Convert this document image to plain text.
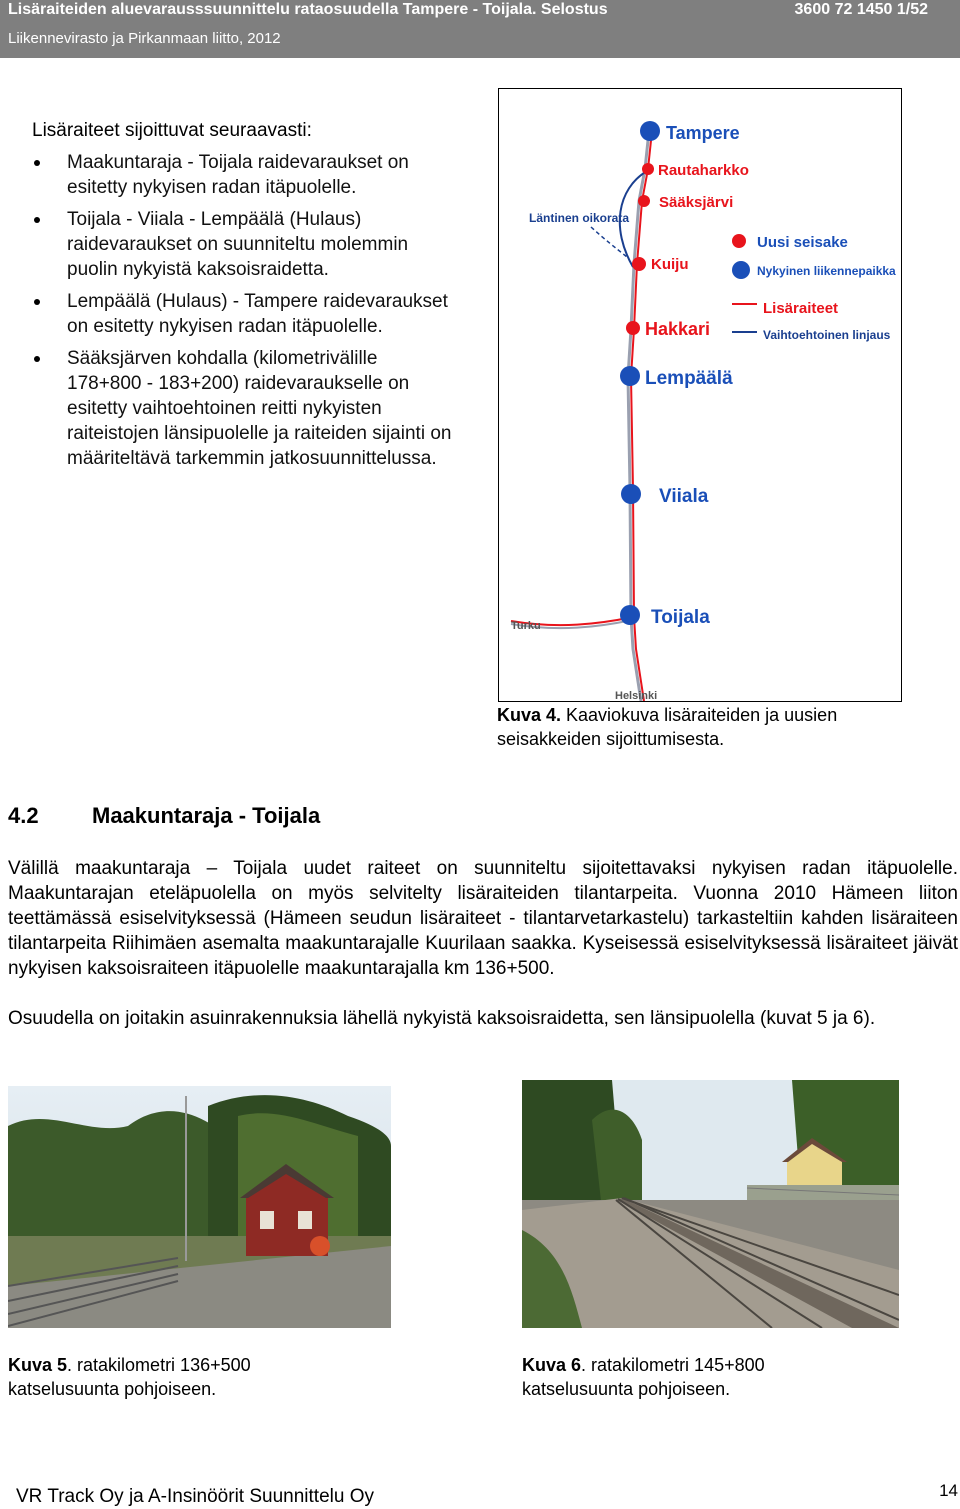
Lisäraiteiden aluevarausssuunnittelu rataosuudella Tampere - Toijala. Selostus	3600 72 1450 1/52
Liikennevirasto ja Pirkanmaan liitto, 2012
Lisäraiteet sijoittuvat seuraavasti:
Maakuntaraja - Toijala raidevaraukset on esitetty nykyisen radan itäpuolelle.
Toijala - Viiala - Lempäälä (Hulaus) raidevaraukset on suunniteltu molemmin puolin nykyistä kaksoisraidetta.
Lempäälä (Hulaus) - Tampere raidevaraukset on esitetty nykyisen radan itäpuolelle.
Sääksjärven kohdalla (kilometrivälille 178+800 - 183+200) raidevaraukselle on esitetty vaihtoehtoinen reitti nykyisten raiteistojen länsipuolelle ja raiteiden sijainti on määriteltävä tarkemmin jatkosuunnittelussa.
Tampere
Rautaharkko
Sääksjärvi
Kuiju
Hakkari
Lempäälä
Viiala
Toijala
Läntinen oikorata
Turku
Helsinki
Uusi seisake
Nykyinen liikennepaikka
Lisäraiteet
Vaihtoehtoinen linjaus
Kuva 4. Kaaviokuva lisäraiteiden ja uusien seisakkeiden sijoittumisesta.
4.2 Maakuntaraja - Toijala
Välillä maakuntaraja – Toijala uudet raiteet on suunniteltu sijoitettavaksi nykyisen radan itäpuolelle. Maakuntarajan eteläpuolella on myös selvitelty lisäraiteiden tilantarpeita. Vuonna 2010 Hämeen liiton teettämässä esiselvityksessä (Hämeen seudun lisäraiteet - tilantarvetarkastelu) tarkasteltiin kahden lisäraiteen tilantarpeita Riihimäen asemalta maakuntarajalle Kuurilaan saakka. Kyseisessä esiselvityksessä lisäraiteet jäivät nykyisen kaksoisraiteen itäpuolelle maakuntarajalla km 136+500.
Osuudella on joitakin asuinrakennuksia lähellä nykyistä kaksoisraidetta, sen länsipuolella (kuvat 5 ja 6).
Kuva 5. ratakilometri 136+500 katselusuunta pohjoiseen.
Kuva 6. ratakilometri 145+800 katselusuunta pohjoiseen.
VR Track Oy ja A-Insinöörit Suunnittelu Oy	14
